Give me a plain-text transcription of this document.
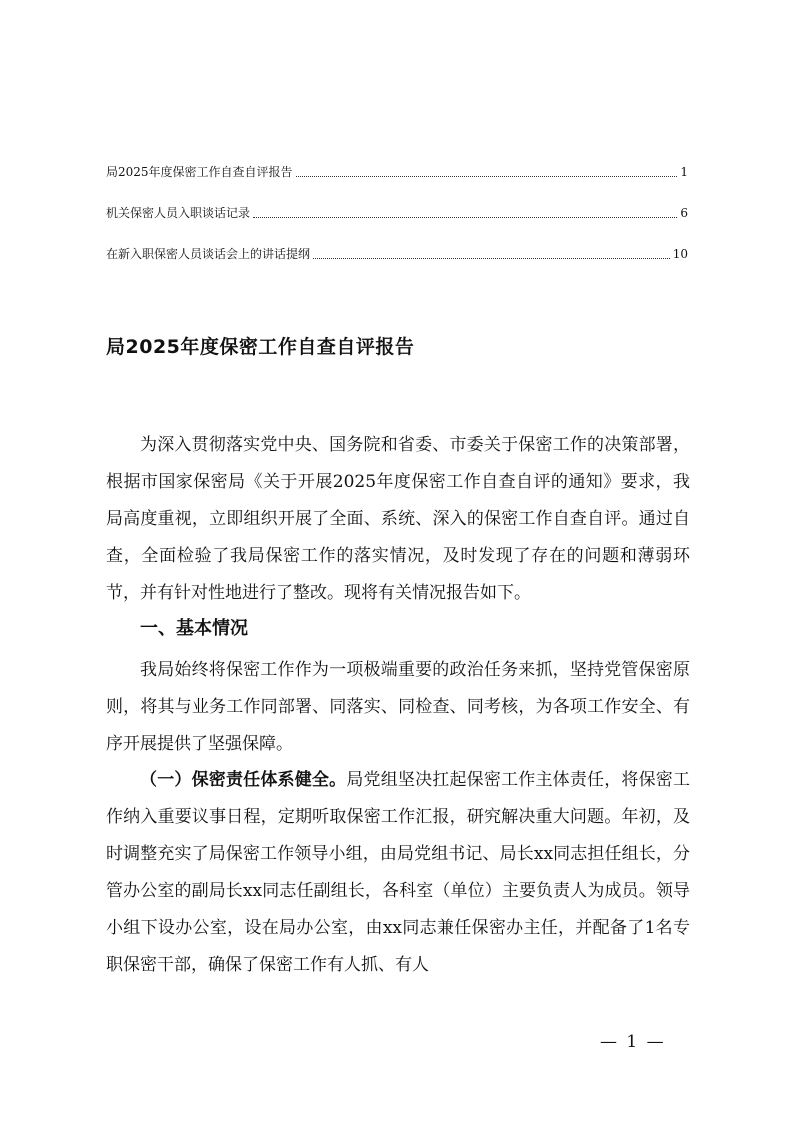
局2025年度保密工作自查自评报告	1
机关保密人员入职谈话记录	6
在新入职保密人员谈话会上的讲话提纲	10
局2025年度保密工作自查自评报告

为深入贯彻落实党中央、国务院和省委、市委关于保密工作的决策部署，根据市国家保密局《关于开展2025年度保密工作自查自评的通知》要求，我局高度重视，立即组织开展了全面、系统、深入的保密工作自查自评。通过自查，全面检验了我局保密工作的落实情况，及时发现了存在的问题和薄弱环节，并有针对性地进行了整改。现将有关情况报告如下。

一、基本情况

我局始终将保密工作作为一项极端重要的政治任务来抓，坚持党管保密原则，将其与业务工作同部署、同落实、同检查、同考核，为各项工作安全、有序开展提供了坚强保障。

（一）保密责任体系健全。局党组坚决扛起保密工作主体责任，将保密工作纳入重要议事日程，定期听取保密工作汇报，研究解决重大问题。年初，及时调整充实了局保密工作领导小组，由局党组书记、局长xx同志担任组长，分管办公室的副局长xx同志任副组长，各科室（单位）主要负责人为成员。领导小组下设办公室，设在局办公室，由xx同志兼任保密办主任，并配备了1名专职保密干部，确保了保密工作有人抓、有人

— 1 —
